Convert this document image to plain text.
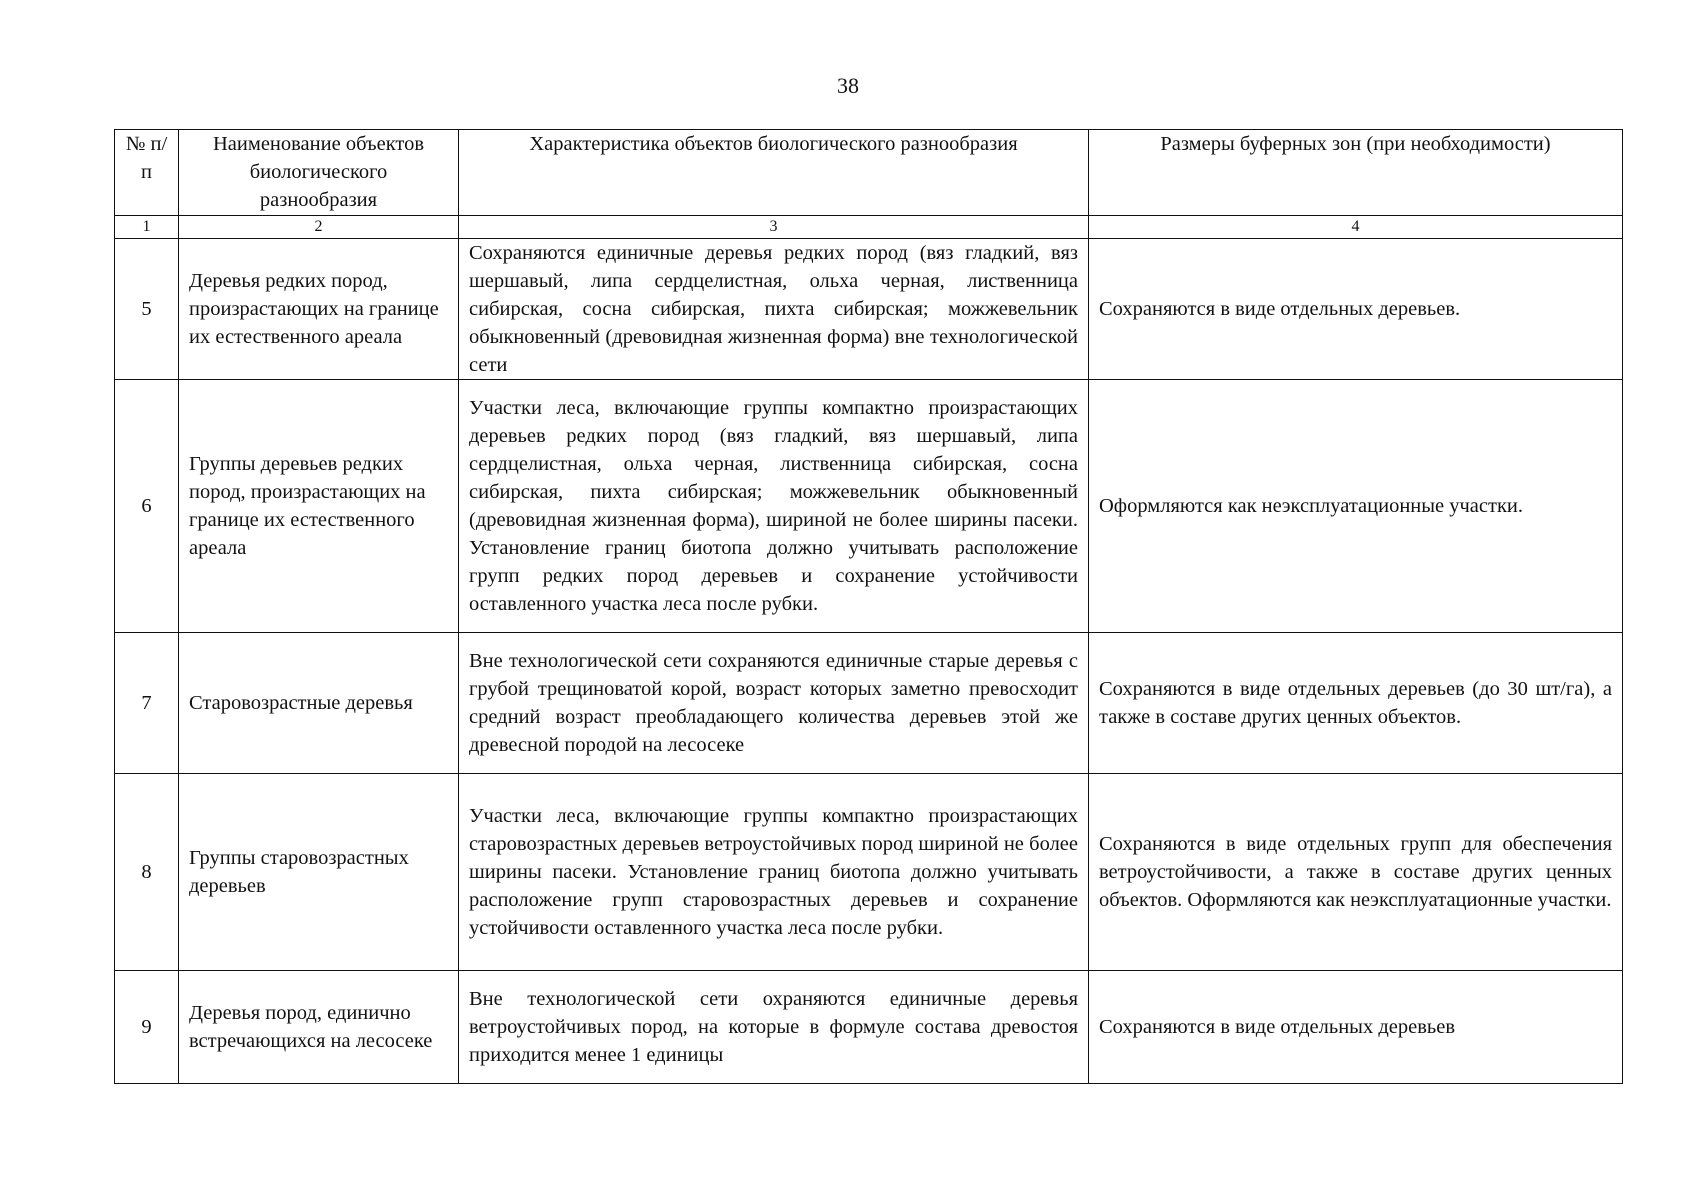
38
№ п/п	Наименование объектов биологического разнообразия	Характеристика объектов биологического разнообразия	Размеры буферных зон (при необходимости)
1	2	3	4
5	Деревья редких пород, произрастающих на границе их естественного ареала	Сохраняются единичные деревья редких пород (вяз гладкий, вяз шершавый, липа сердцелистная, ольха черная, лиственница сибирская, сосна сибирская, пихта сибирская; можжевельник обыкновенный (древовидная жизненная форма) вне технологической сети	Сохраняются в виде отдельных деревьев.
6	Группы деревьев редких пород, произрастающих на границе их естественного ареала	Участки леса, включающие группы компактно произрастающих деревьев редких пород (вяз гладкий, вяз шершавый, липа сердцелистная, ольха черная, лиственница сибирская, сосна сибирская, пихта сибирская; можжевельник обыкновенный (древовидная жизненная форма), шириной не более ширины пасеки. Установление границ биотопа должно учитывать расположение групп редких пород деревьев и сохранение устойчивости оставленного участка леса после рубки.	Оформляются как неэксплуатационные участки.
7	Старовозрастные деревья	Вне технологической сети сохраняются единичные старые деревья с грубой трещиноватой корой, возраст которых заметно превосходит средний возраст преобладающего количества деревьев этой же древесной породой на лесосеке	Сохраняются в виде отдельных деревьев (до 30 шт/га), а также в составе других ценных объектов.
8	Группы старовозрастных деревьев	Участки леса, включающие группы компактно произрастающих старовозрастных деревьев ветроустойчивых пород шириной не более ширины пасеки. Установление границ биотопа должно учитывать расположение групп старовозрастных деревьев и сохранение устойчивости оставленного участка леса после рубки.	Сохраняются в виде отдельных групп для обеспечения ветроустойчивости, а также в составе других ценных объектов. Оформляются как неэксплуатационные участки.
9	Деревья пород, единично встречающихся на лесосеке	Вне технологической сети охраняются единичные деревья ветроустойчивых пород, на которые в формуле состава древостоя приходится менее 1 единицы	Сохраняются в виде отдельных деревьев
